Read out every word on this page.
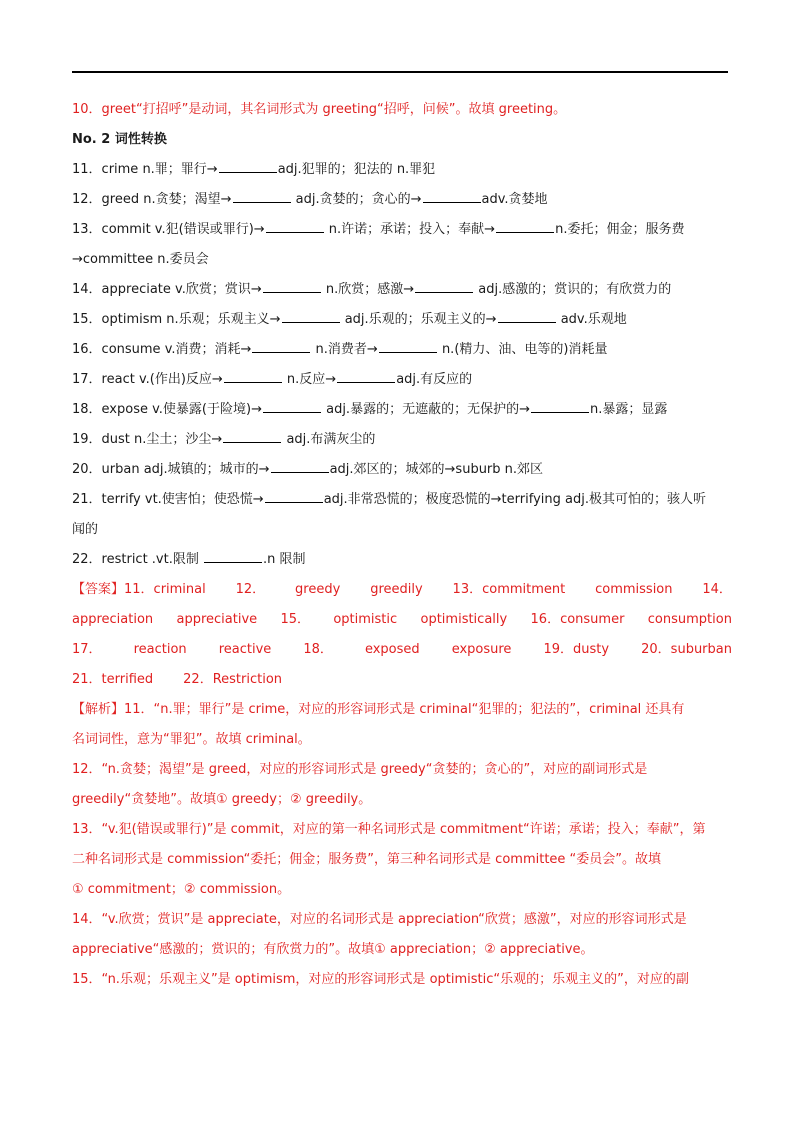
10．greet“打招呼”是动词，其名词形式为 greeting“招呼，问候”。故填 greeting。
No. 2 词性转换
11．crime n.罪；罪行→	adj.犯罪的；犯法的 n.罪犯
12．greed n.贪婪；渴望→	adj.贪婪的；贪心的→	adv.贪婪地
13．commit v.犯(错误或罪行)→	n.许诺；承诺；投入；奉献→	n.委托；佣金；服务费
→committee n.委员会
14．appreciate v.欣赏；赏识→	n.欣赏；感激→	adj.感激的；赏识的；有欣赏力的
15．optimism n.乐观；乐观主义→	adj.乐观的；乐观主义的→	adv.乐观地
16．consume v.消费；消耗→	n.消费者→	n.(精力、油、电等的)消耗量
17．react v.(作出)反应→	n.反应→	adj.有反应的
18．expose v.使暴露(于险境)→	adj.暴露的；无遮蔽的；无保护的→	n.暴露；显露
19．dust n.尘土；沙尘→	adj.布满灰尘的
20．urban adj.城镇的；城市的→	adj.郊区的；城郊的→suburb n.郊区
21．terrify vt.使害怕；使恐慌→	adj.非常恐慌的；极度恐慌的→terrifying adj.极其可怕的；骇人听
闻的
22．restrict .vt.限制	.n 限制
【答案】11．criminal 12． greedy greedily 13．commitment commission 14．
appreciation appreciative 15． optimistic optimistically 16．consumer consumption
17． reaction reactive 18． exposed exposure 19．dusty 20．suburban
21．terrified 22．Restriction
【解析】11．“n.罪；罪行”是 crime，对应的形容词形式是 criminal“犯罪的；犯法的”，criminal 还具有
名词词性，意为“罪犯”。故填 criminal。
12．“n.贪婪；渴望”是 greed，对应的形容词形式是 greedy“贪婪的；贪心的”，对应的副词形式是
greedily“贪婪地”。故填① greedy；② greedily。
13．“v.犯(错误或罪行)”是 commit，对应的第一种名词形式是 commitment“许诺；承诺；投入；奉献”，第
二种名词形式是 commission“委托；佣金；服务费”，第三种名词形式是 committee “委员会”。故填
① commitment；② commission。
14．“v.欣赏；赏识”是 appreciate，对应的名词形式是 appreciation“欣赏；感激”，对应的形容词形式是
appreciative“感激的；赏识的；有欣赏力的”。故填① appreciation；② appreciative。
15．“n.乐观；乐观主义”是 optimism，对应的形容词形式是 optimistic“乐观的；乐观主义的”，对应的副
